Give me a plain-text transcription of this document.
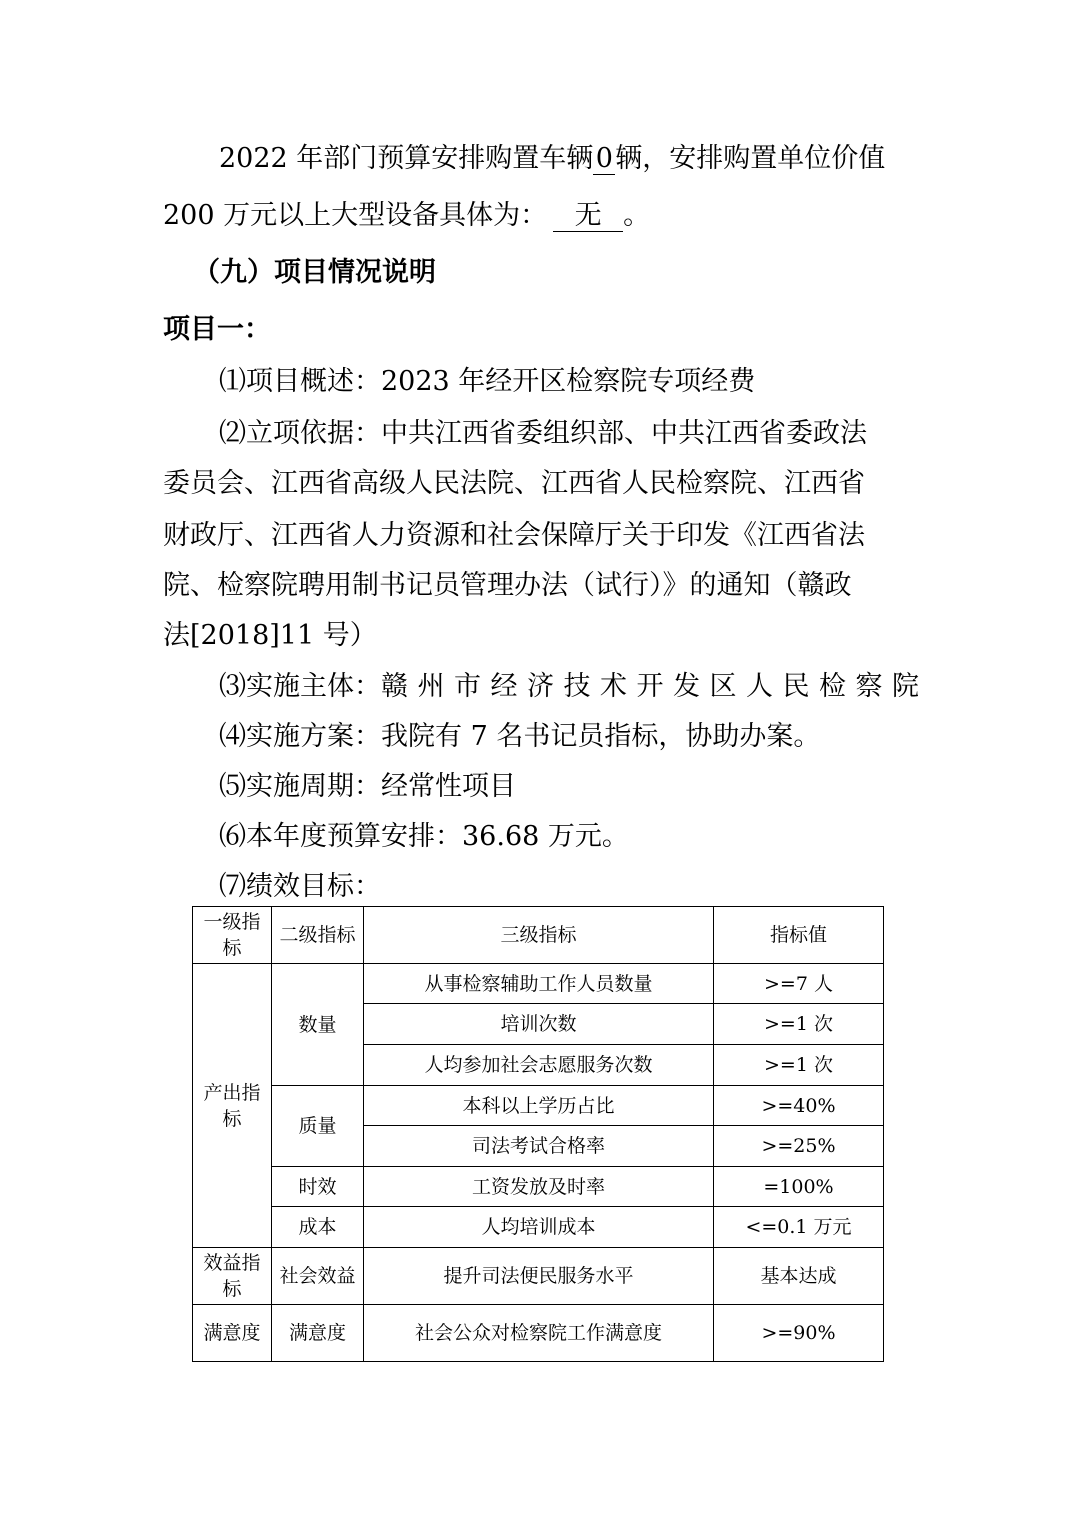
2022 年部门预算安排购置车辆0辆，安排购置单位价值
200 万元以上大型设备具体为： 无 。
（九）项目情况说明
项目一：
⑴项目概述：2023 年经开区检察院专项经费
⑵立项依据：中共江西省委组织部、中共江西省委政法
委员会、江西省高级人民法院、江西省人民检察院、江西省
财政厅、江西省人力资源和社会保障厅关于印发《江西省法
院、检察院聘用制书记员管理办法（试行）》的通知（赣政
法[2018]11 号）
⑶实施主体： 赣州市经济技术开发区人民检察院
⑷实施方案：我院有 7 名书记员指标，协助办案。
⑸实施周期：经常性项目
⑹本年度预算安排：36.68 万元。
⑺绩效目标：
一级指标	二级指标	三级指标	指标值
产出指标	数量	从事检察辅助工作人员数量	>=7 人
		培训次数	>=1 次
		人均参加社会志愿服务次数	>=1 次
	质量	本科以上学历占比	>=40%
		司法考试合格率	>=25%
	时效	工资发放及时率	=100%
	成本	人均培训成本	<=0.1 万元
效益指标	社会效益	提升司法便民服务水平	基本达成
满意度	满意度	社会公众对检察院工作满意度	>=90%
